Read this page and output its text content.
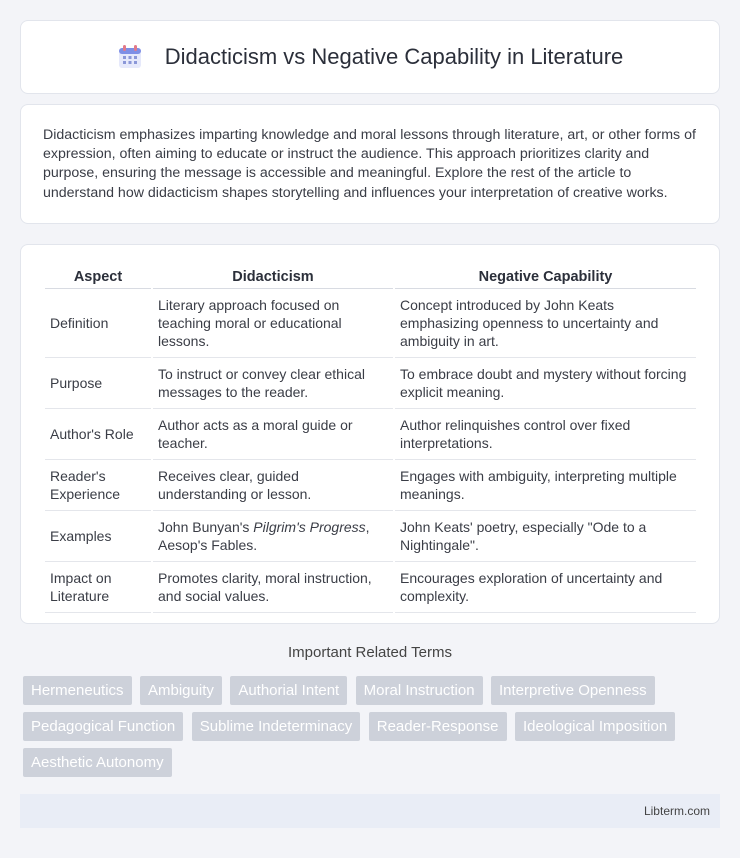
Didacticism vs Negative Capability in Literature

Didacticism emphasizes imparting knowledge and moral lessons through literature, art, or other forms of expression, often aiming to educate or instruct the audience. This approach prioritizes clarity and purpose, ensuring the message is accessible and meaningful. Explore the rest of the article to understand how didacticism shapes storytelling and influences your interpretation of creative works.

Aspect	Didacticism	Negative Capability
Definition	Literary approach focused on teaching moral or educational lessons.	Concept introduced by John Keats emphasizing openness to uncertainty and ambiguity in art.
Purpose	To instruct or convey clear ethical messages to the reader.	To embrace doubt and mystery without forcing explicit meaning.
Author's Role	Author acts as a moral guide or teacher.	Author relinquishes control over fixed interpretations.
Reader's Experience	Receives clear, guided understanding or lesson.	Engages with ambiguity, interpreting multiple meanings.
Examples	John Bunyan's Pilgrim's Progress, Aesop's Fables.	John Keats' poetry, especially "Ode to a Nightingale".
Impact on Literature	Promotes clarity, moral instruction, and social values.	Encourages exploration of uncertainty and complexity.
Important Related Terms
Hermeneutics Ambiguity Authorial Intent Moral Instruction Interpretive Openness Pedagogical Function Sublime Indeterminacy Reader-Response Ideological Imposition Aesthetic Autonomy
Libterm.com
